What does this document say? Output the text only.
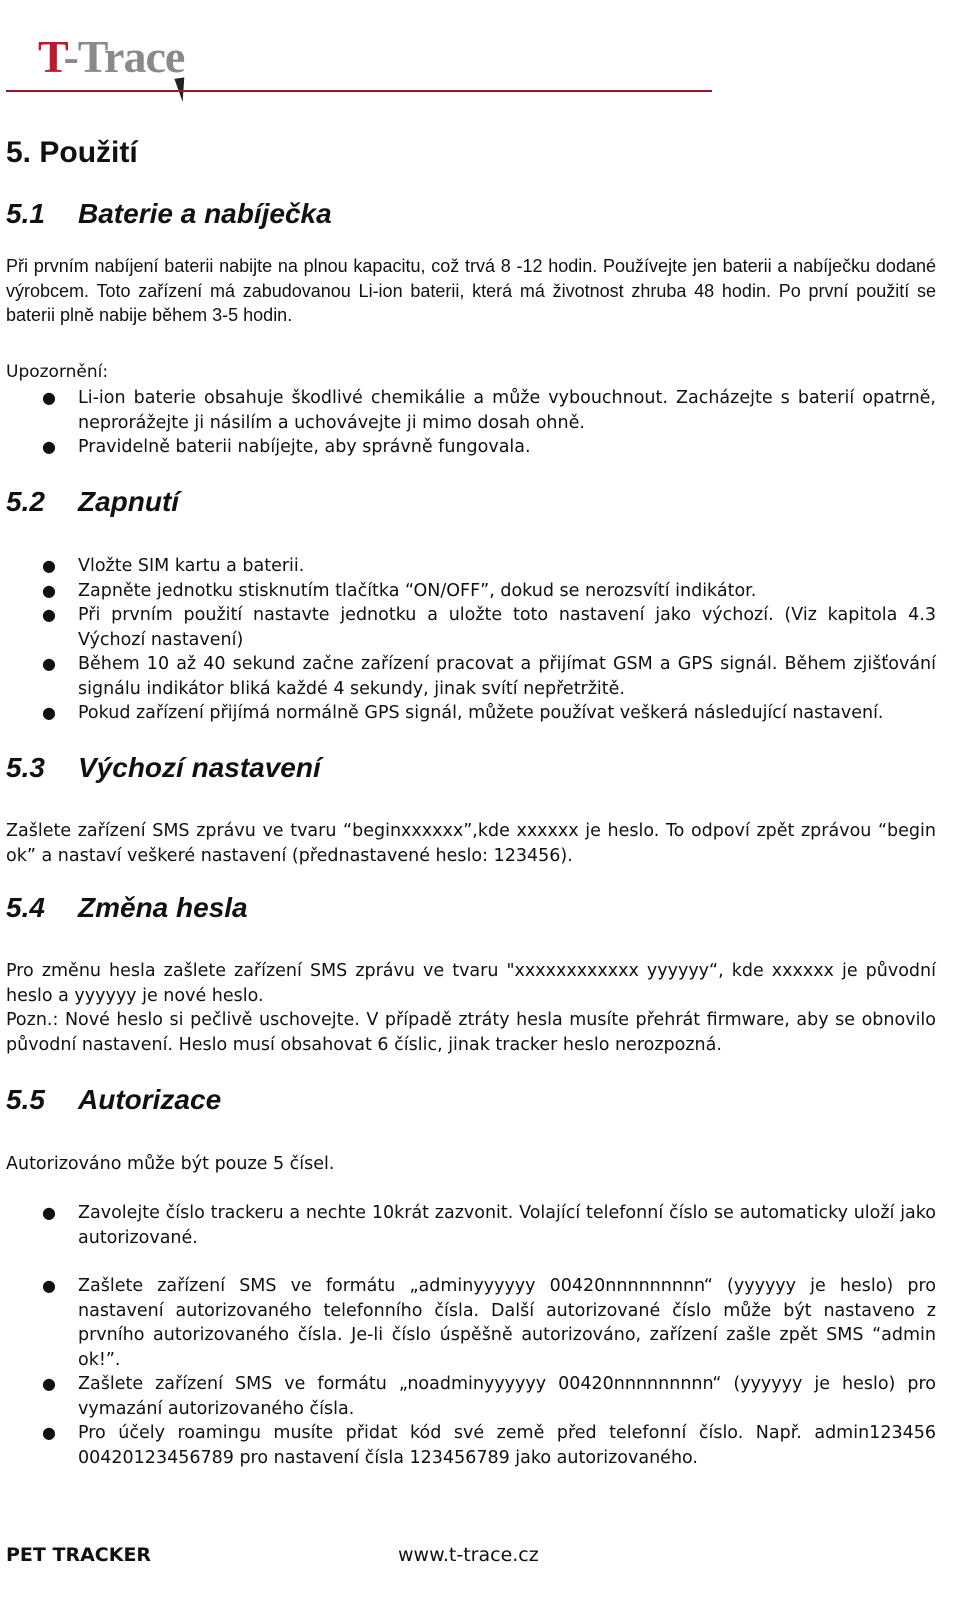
T-Trace
5. Použití
5.1 Baterie a nabíječka

Při prvním nabíjení baterii nabijte na plnou kapacitu, což trvá 8 -12 hodin. Používejte jen baterii a nabíječku dodané výrobcem. Toto zařízení má zabudovanou Li-ion baterii, která má životnost zhruba 48 hodin. Po první použití se baterii plně nabije během 3-5 hodin.

Upozornění:
● Li-ion baterie obsahuje škodlivé chemikálie a může vybouchnout. Zacházejte s baterií opatrně, neprorážejte ji násilím a uchovávejte ji mimo dosah ohně.
● Pravidelně baterii nabíjejte, aby správně fungovala.
5.2 Zapnutí
● Vložte SIM kartu a baterii.
● Zapněte jednotku stisknutím tlačítka “ON/OFF”, dokud se nerozsvítí indikátor.
● Při prvním použití nastavte jednotku a uložte toto nastavení jako výchozí. (Viz kapitola 4.3 Výchozí nastavení)
● Během 10 až 40 sekund začne zařízení pracovat a přijímat GSM a GPS signál. Během zjišťování signálu indikátor bliká každé 4 sekundy, jinak svítí nepřetržitě.
● Pokud zařízení přijímá normálně GPS signál, můžete používat veškerá následující nastavení.
5.3 Výchozí nastavení

Zašlete zařízení SMS zprávu ve tvaru “beginxxxxxx”,kde xxxxxx je heslo. To odpoví zpět zprávou “begin ok” a nastaví veškeré nastavení (přednastavené heslo: 123456).

5.4 Změna hesla

Pro změnu hesla zašlete zařízení SMS zprávu ve tvaru "xxxxxxxxxxxx yyyyyy“, kde xxxxxx je původní heslo a yyyyyy je nové heslo.

Pozn.: Nové heslo si pečlivě uschovejte. V případě ztráty hesla musíte přehrát firmware, aby se obnovilo původní nastavení. Heslo musí obsahovat 6 číslic, jinak tracker heslo nerozpozná.

5.5 Autorizace

Autorizováno může být pouze 5 čísel.

● Zavolejte číslo trackeru a nechte 10krát zazvonit. Volající telefonní číslo se automaticky uloží jako autorizované.
● Zašlete zařízení SMS ve formátu „adminyyyyyy 00420nnnnnnnnn“ (yyyyyy je heslo) pro nastavení autorizovaného telefonního čísla. Další autorizované číslo může být nastaveno z prvního autorizovaného čísla. Je-li číslo úspěšně autorizováno, zařízení zašle zpět SMS “admin ok!”.
● Zašlete zařízení SMS ve formátu „noadminyyyyyy 00420nnnnnnnnn“ (yyyyyy je heslo) pro vymazání autorizovaného čísla.
● Pro účely roamingu musíte přidat kód své země před telefonní číslo. Např. admin123456 00420123456789 pro nastavení čísla 123456789 jako autorizovaného.
PET TRACKER	www.t-trace.cz
